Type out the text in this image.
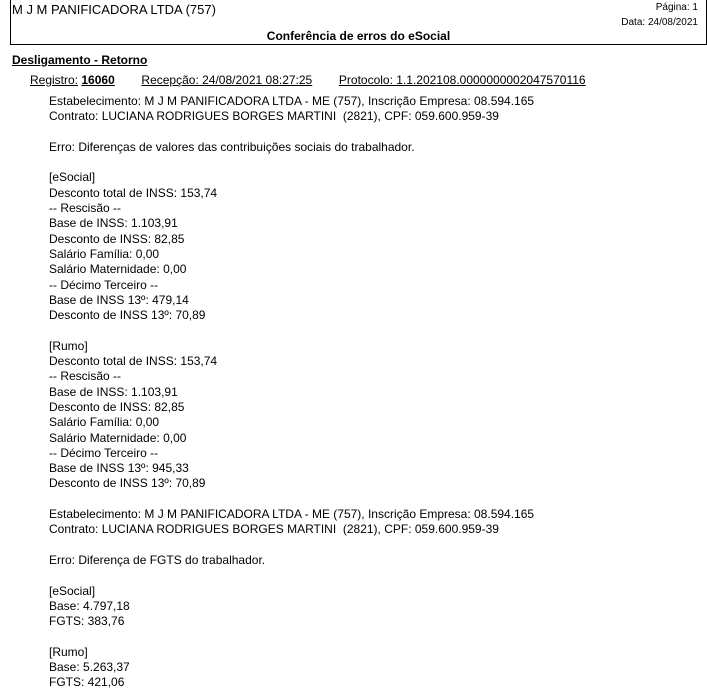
M J M PANIFICADORA LTDA (757)	Página: 1
Data: 24/08/2021
Conferência de erros do eSocial
Desligamento - Retorno
Registro: 16060 Recepção: 24/08/2021 08:27:25 Protocolo: 1.1.202108.0000000002047570116
Estabelecimento: M J M PANIFICADORA LTDA - ME (757), Inscrição Empresa: 08.594.165
Contrato: LUCIANA RODRIGUES BORGES MARTINI  (2821), CPF: 059.600.959-39
Erro: Diferenças de valores das contribuições sociais do trabalhador.
[eSocial]
Desconto total de INSS: 153,74
-- Rescisão --
Base de INSS: 1.103,91
Desconto de INSS: 82,85
Salário Família: 0,00
Salário Maternidade: 0,00
-- Décimo Terceiro --
Base de INSS 13º: 479,14
Desconto de INSS 13º: 70,89
[Rumo]
Desconto total de INSS: 153,74
-- Rescisão --
Base de INSS: 1.103,91
Desconto de INSS: 82,85
Salário Família: 0,00
Salário Maternidade: 0,00
-- Décimo Terceiro --
Base de INSS 13º: 945,33
Desconto de INSS 13º: 70,89
Estabelecimento: M J M PANIFICADORA LTDA - ME (757), Inscrição Empresa: 08.594.165
Contrato: LUCIANA RODRIGUES BORGES MARTINI  (2821), CPF: 059.600.959-39
Erro: Diferença de FGTS do trabalhador.
[eSocial]
Base: 4.797,18
FGTS: 383,76
[Rumo]
Base: 5.263,37
FGTS: 421,06
